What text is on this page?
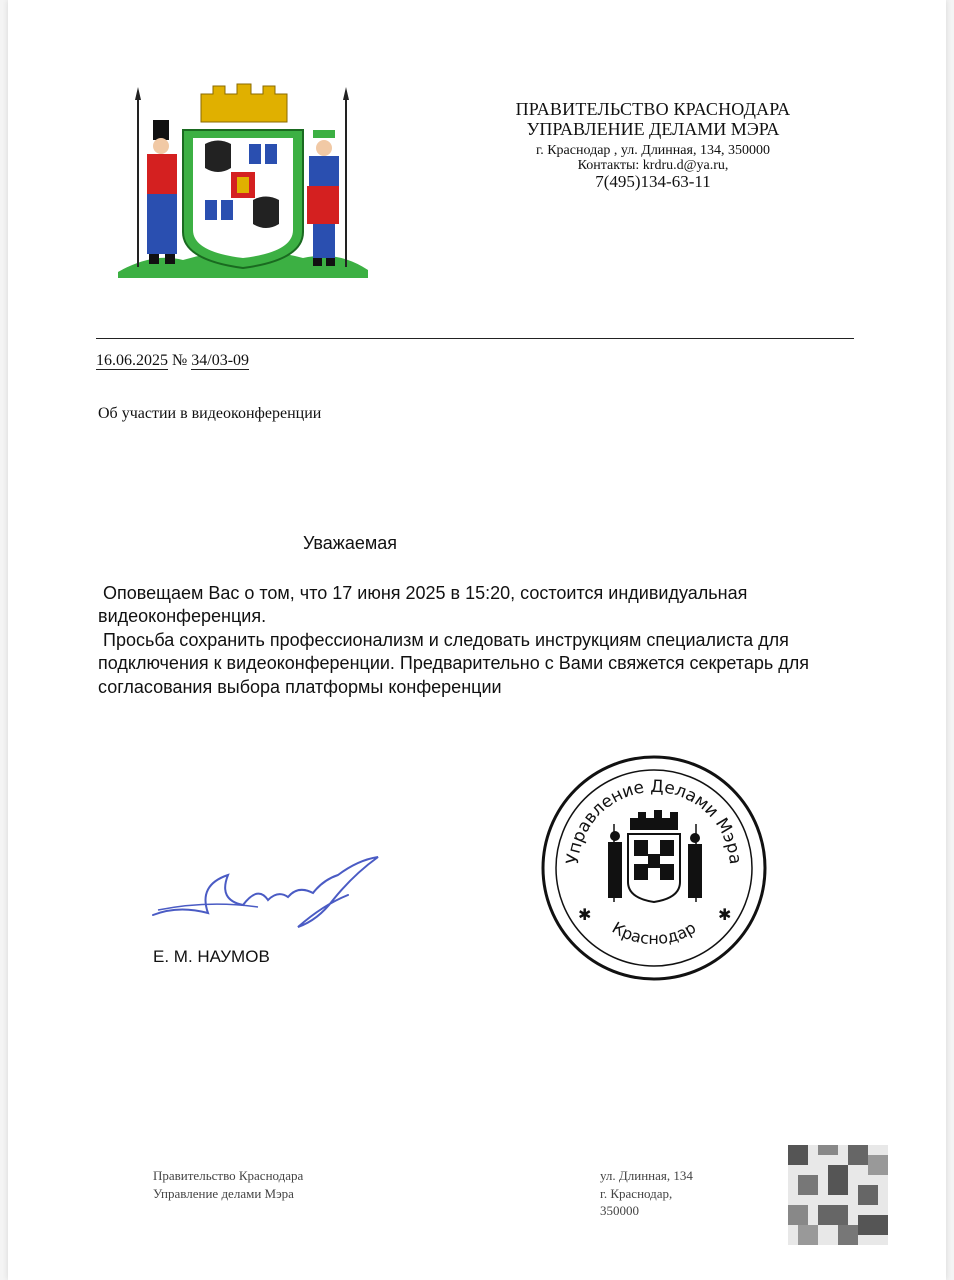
ПРАВИТЕЛЬСТВО КРАСНОДАРА
УПРАВЛЕНИЕ ДЕЛАМИ МЭРА
г. Краснодар , ул. Длинная, 134, 350000
Контакты: krdru.d@ya.ru,
7(495)134-63-11
16.06.2025 № 34/03-09
Об участии в видеоконференции
Уважаемая

Оповещаем Вас о том, что 17 июня 2025 в 15:20, состоится индивидуальная видеоконференция.

Просьба сохранить профессионализм и следовать инструкциям специалиста для подключения к видеоконференции. Предварительно с Вами свяжется секретарь для согласования выбора платформы конференции

Е. М. НАУМОВ
Управление Делами Мэра
Краснодар
✱	✱
Правительство Краснодара
Управление делами Мэра
ул. Длинная, 134
г. Краснодар,
350000
